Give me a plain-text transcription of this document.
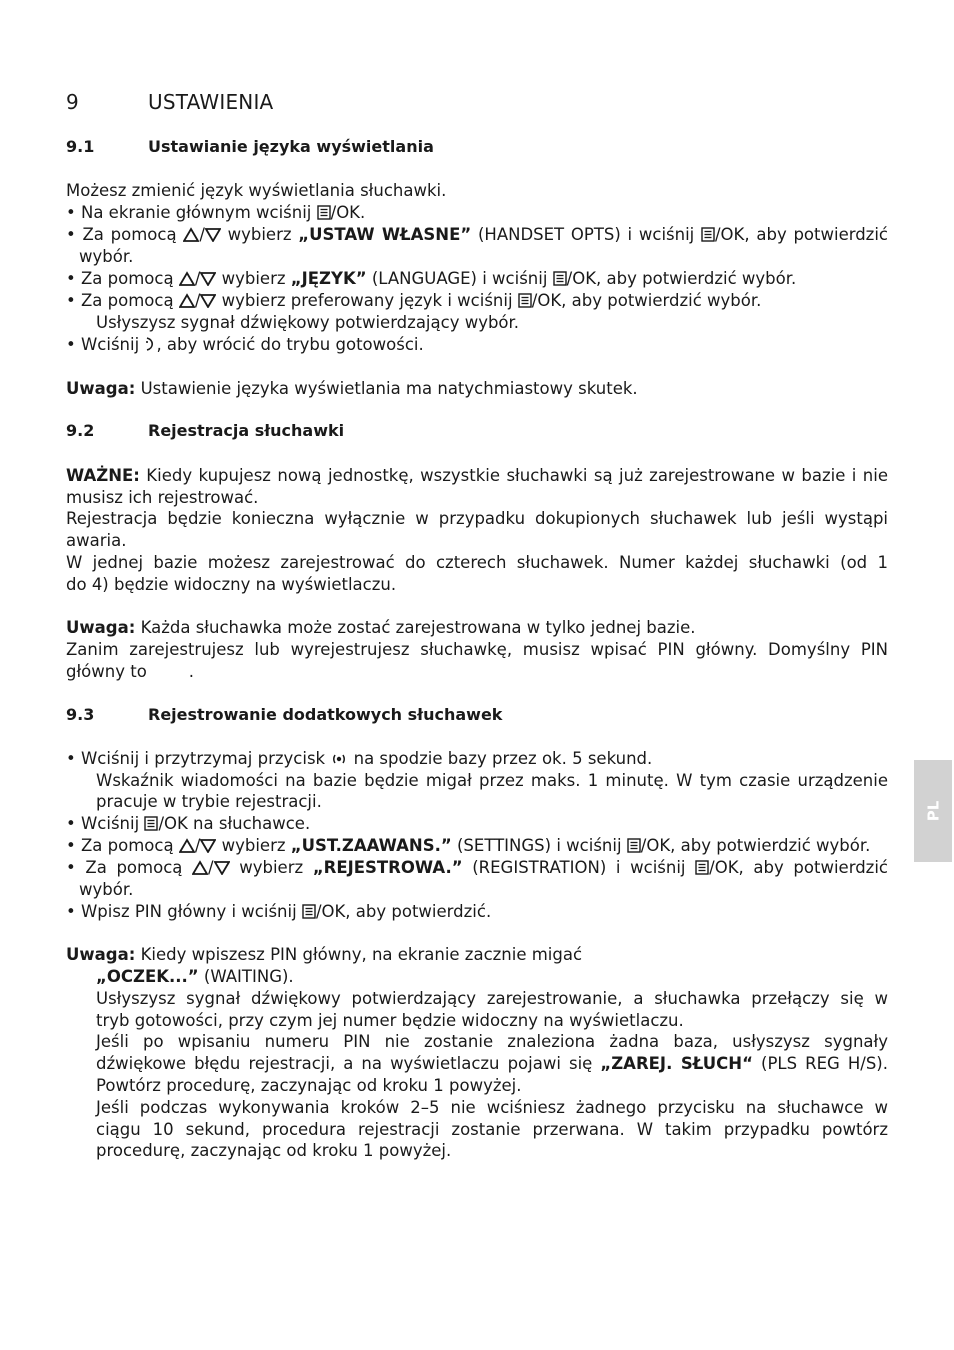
9	USTAWIENIA
9.1	Ustawianie języka wyświetlania
Możesz zmienić język wyświetlania słuchawki.
• Na ekranie głównym wciśnij /OK.
• Za pomocą / wybierz „USTAW WŁASNE” (HANDSET OPTS) i wciśnij /OK, aby potwierdzić
wybór.
• Za pomocą / wybierz „JĘZYK” (LANGUAGE) i wciśnij /OK, aby potwierdzić wybór.
• Za pomocą / wybierz preferowany język i wciśnij /OK, aby potwierdzić wybór.
Usłyszysz sygnał dźwiękowy potwierdzający wybór.
• Wciśnij , aby wrócić do trybu gotowości.
Uwaga: Ustawienie języka wyświetlania ma natychmiastowy skutek.
9.2	Rejestracja słuchawki
WAŻNE: Kiedy kupujesz nową jednostkę, wszystkie słuchawki są już zarejestrowane w bazie i nie
musisz ich rejestrować.
Rejestracja będzie konieczna wyłącznie w przypadku dokupionych słuchawek lub jeśli wystąpi
awaria.
W jednej bazie możesz zarejestrować do czterech słuchawek. Numer każdej słuchawki (od 1
do 4) będzie widoczny na wyświetlaczu.
Uwaga: Każda słuchawka może zostać zarejestrowana w tylko jednej bazie.
Zanim zarejestrujesz lub wyrejestrujesz słuchawkę, musisz wpisać PIN główny. Domyślny PIN
główny to        .
9.3	Rejestrowanie dodatkowych słuchawek
• Wciśnij i przytrzymaj przycisk  na spodzie bazy przez ok. 5 sekund.
Wskaźnik wiadomości na bazie będzie migał przez maks. 1 minutę. W tym czasie urządzenie
pracuje w trybie rejestracji.
• Wciśnij /OK na słuchawce.
• Za pomocą / wybierz „UST.ZAAWANS.” (SETTINGS) i wciśnij /OK, aby potwierdzić wybór.
• Za pomocą / wybierz „REJESTROWA.” (REGISTRATION) i wciśnij /OK, aby potwierdzić
wybór.
• Wpisz PIN główny i wciśnij /OK, aby potwierdzić.
Uwaga: Kiedy wpiszesz PIN główny, na ekranie zacznie migać
„OCZEK...” (WAITING).
Usłyszysz sygnał dźwiękowy potwierdzający zarejestrowanie, a słuchawka przełączy się w
tryb gotowości, przy czym jej numer będzie widoczny na wyświetlaczu.
Jeśli po wpisaniu numeru PIN nie zostanie znaleziona żadna baza, usłyszysz sygnały
dźwiękowe błędu rejestracji, a na wyświetlaczu pojawi się „ZAREJ. SŁUCH“ (PLS REG H/S).
Powtórz procedurę, zaczynając od kroku 1 powyżej.
Jeśli podczas wykonywania kroków 2–5 nie wciśniesz żadnego przycisku na słuchawce w
ciągu 10 sekund, procedura rejestracji zostanie przerwana. W takim przypadku powtórz
procedurę, zaczynając od kroku 1 powyżej.
PL
